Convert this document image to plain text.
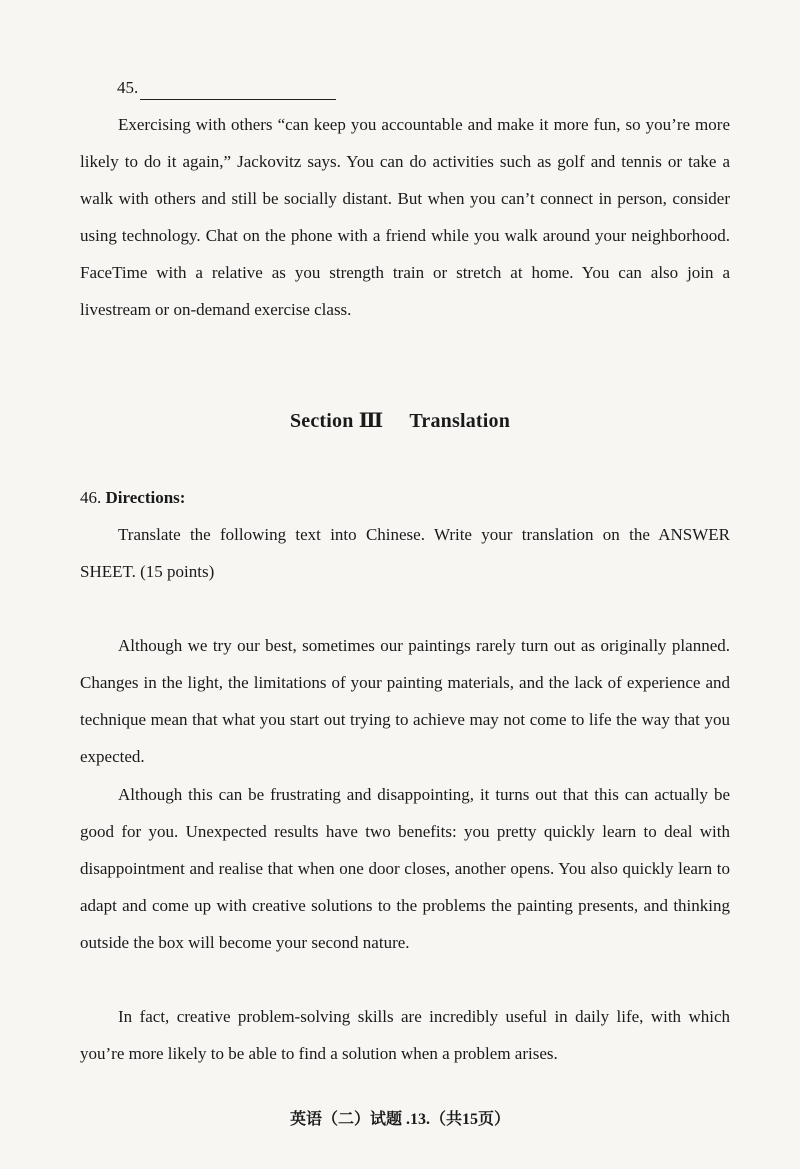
45.

Exercising with others “can keep you accountable and make it more fun, so you’re more likely to do it again,” Jackovitz says. You can do activities such as golf and tennis or take a walk with others and still be socially distant. But when you can’t connect in person, consider using technology. Chat on the phone with a friend while you walk around your neighborhood. FaceTime with a relative as you strength train or stretch at home. You can also join a livestream or on-demand exercise class.

Section Ⅲ Translation
46. Directions:

Translate the following text into Chinese. Write your translation on the ANSWER SHEET. (15 points)

Although we try our best, sometimes our paintings rarely turn out as originally planned. Changes in the light, the limitations of your painting materials, and the lack of experience and technique mean that what you start out trying to achieve may not come to life the way that you expected.

Although this can be frustrating and disappointing, it turns out that this can actually be good for you. Unexpected results have two benefits: you pretty quickly learn to deal with disappointment and realise that when one door closes, another opens. You also quickly learn to adapt and come up with creative solutions to the problems the painting presents, and thinking outside the box will become your second nature.

In fact, creative problem-solving skills are incredibly useful in daily life, with which you’re more likely to be able to find a solution when a problem arises.

英语（二）试题 .13.（共15页）
